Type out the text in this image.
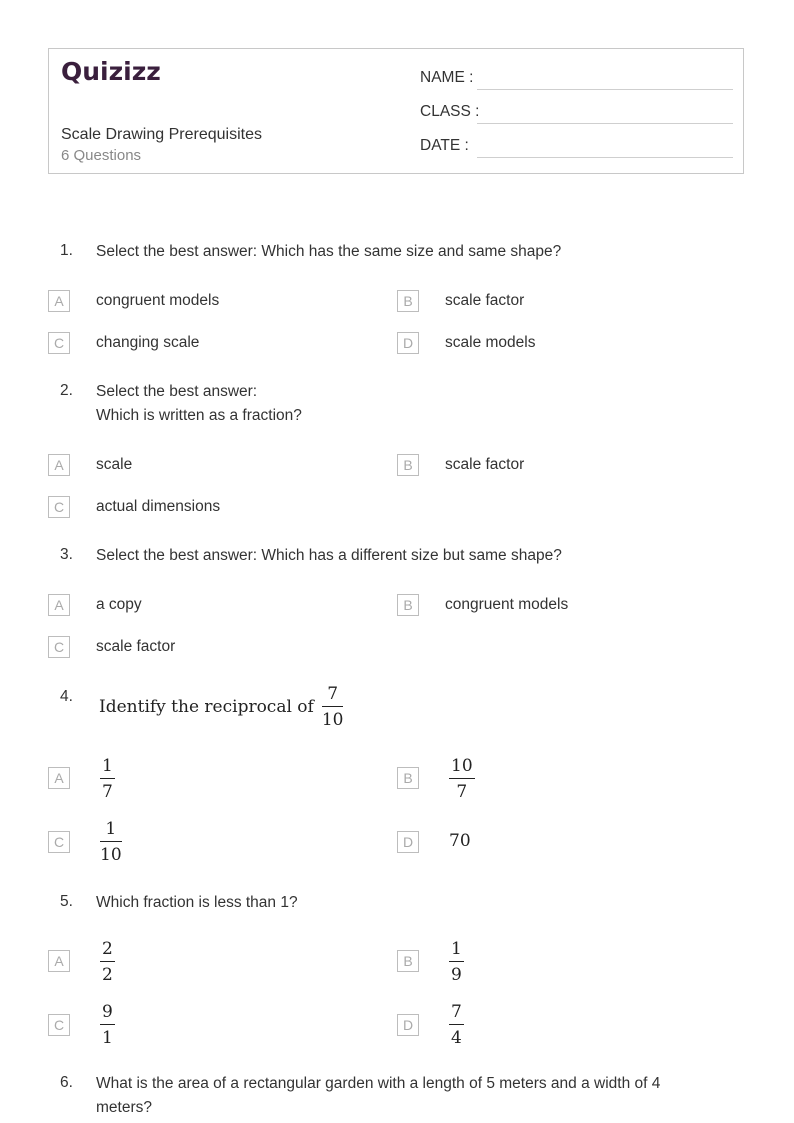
Quizizz
Scale Drawing Prerequisites
6 Questions
NAME :
CLASS :
DATE :
1. Select the best answer: Which has the same size and same shape?
A	congruent models	B	scale factor
C	changing scale	D	scale models
2. Select the best answer:
Which is written as a fraction?
A	scale	B	scale factor
C	actual dimensions
3. Select the best answer: Which has a different size but same shape?
A	a copy	B	congruent models
C	scale factor
4.
Identify the reciprocal of $\frac{7}{10}$
A
1
7
B
10
7
C
1
10
D	70
5. Which fraction is less than 1?
A
2
2
B
1
9
C
9
1
D
7
4
6. What is the area of a rectangular garden with a length of 5 meters and a width of 4
meters?
